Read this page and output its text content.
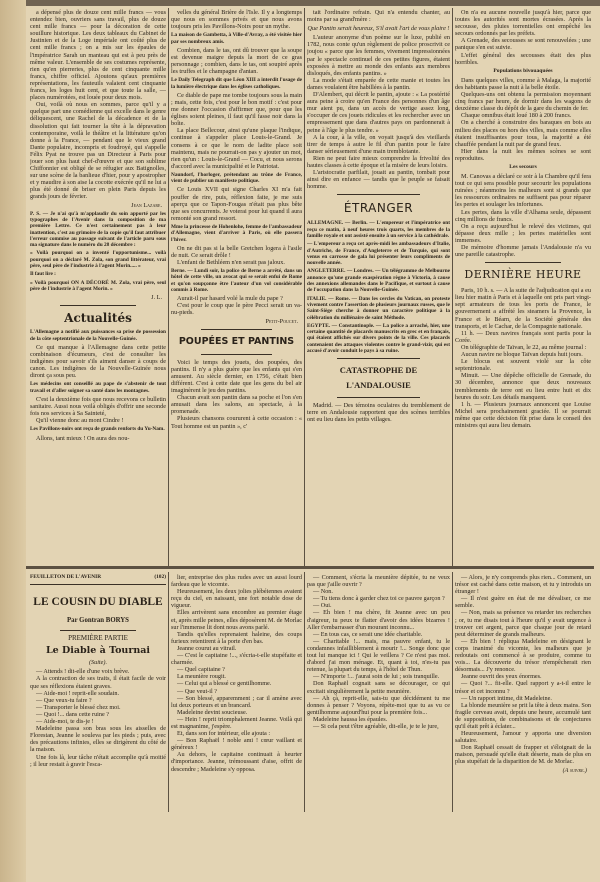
a dépensé plus de douze cent mille francs — vous entendez bien, ouvriers sans travail, plus de douze cent mille francs — pour la décoration de cette souillure historique. Les deux tableaux du Cabinet de Justinien et de la Loge impériale ont coûté plus de cent mille francs ; on a mis sur les épaules de l'impératrice Sarah un manteau qui est à peu près de même valeur. L'ensemble de ses costumes représente, rien qu'en pierreries, plus de cent cinquante mille francs, chiffre officiel. Ajoutons qu'aux premières représentations, les fauteuils valaient cent cinquante francs, les loges huit cent, et que toute la salle, — places numérotées, est louée pour deux mois.

Oui, voilà où nous en sommes, parce qu'il y a quelque part une comédienne qui excelle dans le genre déliquescent, une Rachel de la décadence et de la dissolution qui fait tourner la tête à la dépravation contemporaine, voilà le théâtre et la littérature qu'on donne à la France, — pendant que le vieux grand Dante populaire, incompris et foudroyé, qui s'appelle Félix Pyat ne trouve pas un Directeur à Paris pour jouer son plus haut chef-d'œuvre et que son sublime Chiffonnier est obligé de se réfugier aux Batignolles, sur une scène de la banlieue d'hier, pour y apostropher et y maudire à son aise la cocotte exécrée qu'il ne lui a plus été donné de briser en plein Paris depuis les grands jours de février.

Jean Lazare.
P. S. — Je n'ai qu'à m'applaudir du soin apporté par les typographes de l'Avenir dans la composition de ma première Lettre. Ce n'est certainement pas à leur inattention, c'est au grimoire de la copie qu'il faut attribuer l'erreur commise au passage suivant de l'article paru sous ma signature dans le numéro du 28 décembre :
« Voilà pourquoi on a inventé l'opportunisme... voilà pourquoi on a déclaré M. Zola, son grand littérateur, vrai père, seul père de l'industrie à l'agent Morin..... »
Il faut lire :
« Voilà pourquoi ON A DÉCORÉ M. Zola, vrai père, seul père de l'industrie à l'agent Morin. »
J. L.
Actualités
L'Allemagne a notifié aux puissances sa prise de possession de la côte septentrionale de la Nouvelle-Guinée.

Ce qui manque à l'Allemagne dans cette petite combinaison d'écumeurs, c'est de consulter les indigènes pour savoir s'ils aiment danser à coups de canon. Les indigènes de la Nouvelle-Guinée nous diront ça sous peu.

Les médecins ont conseillé au pape de s'abstenir de tout travail et d'aller soigner sa santé dans les montagnes.

C'est la deuxième fois que nous recevons ce bulletin sanitaire. Aussi nous voilà obligés d'offrir une seconde fois nos services à Sa Sainteté,

Qu'il vienne donc au mont Cindre !

Les Pavillons-noirs ont reçu de grands renforts du Yu-Nam.

Allons, tant mieux ! On aura des nou-

velles du général Brière de l'Isle. Il y a longtemps que nous en sommes privés et que nous avons toujours pris les Pavillons-Noirs pour un mythe.

La maison de Gambetta, à Ville-d'Avray, a été visitée hier par ses nombreux amis.

Combien, dans le tas, ont dû trouver que la soupe est devenue maigre depuis la mort de ce gras personnage ; combien, dans le tas, ont soupiré après les truffes et le champagne d'antan.

Le Daily Telegraph dit que Léon XIII a interdit l'usage de la lumière électrique dans les églises catholiques.

Ce diable de pape me tombe toujours sous la main ; mais, cette fois, c'est pour le bon motif : c'est pour me donner l'occasion d'affirmer que, pour que les églises soient pleines, il faut qu'il fasse noir dans la boîte.

La place Bellecour, ainsi qu'une plaque l'indique, continue à s'appeler place Louis-le-Grand. Je consens à ce que le nom de ladite place soit maintenu, mais ne pourrait-on pas y ajouter un mot, rien qu'un : Louis-le-Grand — Cocu, et nous serons d'accord avec la municipalité et le Patriotat.

Naundorf, l'horloger, prétendant au trône de France, vient de publier un manifeste politique.

Ce Louis XVII qui signe Charles XI m'a fait pouffer de rire, puis, réflexion faite, je me suis aperçu que ce Tapon-Fougas n'était pas plus bête que ses concurrents. Je voterai pour lui quand il aura remonté son grand ressort.

Mme la princesse de Hohenlohe, femme de l'ambassadeur d'Allemagne, vient d'arriver à Paris, où elle passera l'hiver.

On ne dit pas si la belle Gretchen logera à l'asile de nuit. Ce serait drôle !

L'enfant de Bethléem n'en serait pas jaloux.

Berne. — Lundi soir, la police de Berne a arrêté, dans un hôtel de cette ville, un avocat qui se serait enfui de Rome et qu'on soupçonne être l'auteur d'un vol considérable commis à Rome.

Aurait-il par hasard volé la mule du pape ?

C'est pour le coup que le père Pecci serait un va-nu-pieds.

Petit-Poucet.
POUPÉES ET PANTINS

Voici le temps des jouets, des poupées, des pantins. Il n'y a plus guère que les enfants qui s'en amusent. Au siècle dernier, en 1756, c'était bien différent. C'est à cette date que les gens du bel air imaginèrent le jeu des pantins.

Chacun avait son pantin dans sa poche et l'on s'en amusait dans les salons, au spectacle, à la promenade.

Plusieurs chansons coururent à cette occasion : « Tout homme est un pantin », c'

tait l'ordinaire refrain. Qui n'a entendu chanter, au moins par sa grand'mère :

Que Pantin serait heureux, S'il avait l'art de vous plaire !

L'auteur anonyme d'un poème sur le luxe, publié en 1782, nous conte qu'un règlement de police proscrivit ce joujou « parce que les femmes, vivement impressionnées par le spectacle continuel de ces petites figures, étaient exposées à mettre au monde des enfants aux membres disloqués, des enfants pantins. »

La mode s'était emparée de cette manie et toutes les dames voulaient être habillées à la pantin.

D'Alembert, qui décrit le pantin, ajoute : « La postérité aura peine à croire qu'en France des personnes d'un âge mur aient pu, dans un accès de vertige assez long, s'occuper de ces jouets ridicules et les rechercher avec un empressement que dans d'autres pays on pardonnerait à peine à l'âge le plus tendre. »

A la cour, à la ville, on voyait jusqu'à des vieillards tirer de temps à autre le fil d'un pantin pour le faire danser sérieusement d'une main tremblotante.

Rien ne peut faire mieux comprendre la frivolité des hautes classes à cette époque et la misère de leurs loisirs.

L'aristocratie parfilait, jouait au pantin, tombait pour ainsi dire en enfance — tandis que le peuple se faisait homme.

ÉTRANGER
ALLEMAGNE. — Berlin. — L'empereur et l'impératrice ont reçu ce matin, à neuf heures trois quarts, les membres de la famille royale et ont assisté ensuite à un service à la cathédrale.
— L'empereur a reçu cet après-midi les ambassadeurs d'Italie, d'Autriche, de France, d'Angleterre et de Turquie, qui sont venus en carrosse de gala lui présenter leurs compliments de nouvelle année.
ANGLETERRE. — Londres. — Un télégramme de Melbourne annonce qu'une grande exaspération règne à Victoria, à cause des annexions allemandes dans le Pacifique, et surtout à cause de l'occupation dans la Nouvelle-Guinée.
ITALIE. — Rome. — Dans les cercles du Vatican, on proteste vivement contre l'assertion de plusieurs journaux russes, que le Saint-Siège cherche à donner un caractère politique à la célébration du millénaire de saint Méthode.
EGYPTE. — Constantinople. — La police a arraché, hier, une certaine quantité de placards manuscrits en grec et en français, qui étaient affichés sur divers points de la ville. Ces placards contenaient des attaques violentes contre le grand-vizir, qui est accusé d'avoir conduit le pays à sa ruine.
CATASTROPHE DE L'ANDALOUSIE

Madrid. — Des témoins oculaires du tremblement de terre en Andalousie rapportent que des scènes terribles ont eu lieu dans les petits villages.

On n'a eu aucune nouvelle jusqu'à hier, parce que toutes les autorités sont mortes écrasées. Après la secousse, des pluies torrentielles ont empêché les secours ordonnés par les préfets.

A Grenade, des secousses se sont renouvelées ; une panique s'en est suivie.

L'effet général des secousses était des plus horribles.

Populations bivouaquées

Dans quelques villes, comme à Malaga, la majorité des habitants passe la nuit à la belle étoile.

Quelques-uns ont obtenu la permission moyennant cinq francs par heure, de dormir dans les wagons de deuxième classe du dépôt de la gare du chemin de fer.

Chaque omnibus était loué 180 à 200 francs.

On a cherché à construire des baraques en bois au milieu des places ou hors des villes, mais comme elles étaient insuffisantes pour tous, la majorité a été chauffée pendant la nuit par de grand feux.

Hier dans la nuit les mêmes scènes se sont reproduites.

Les secours

M. Canovas a déclaré ce soir à la Chambre qu'il fera tout ce qui sera possible pour secourir les populations ruinées ; néanmoins les malheurs sont si grands que les ressources ordinaires ne suffisent pas pour réparer les pertes et soulager les infortunes.

Les pertes, dans la ville d'Alhama seule, dépassent cinq millions de francs.

On a reçu aujourd'hui le relevé des victimes, qui dépasse deux mille ; les pertes matérielles sont immenses.

De mémoire d'homme jamais l'Andalousie n'a vu une pareille catastrophe.

DERNIÈRE HEURE

Paris, 10 h. s. — A la suite de l'adjudication qui a eu lieu hier matin à Paris et à laquelle ont pris part vingt-sept armateurs de tous les ports de France, le gouvernement a affrété les steamers la Provence, la France et le Béarn, de la Société générale des transports, et le Cachar, de la Compagnie nationale.

11 h. — Deux navires français sont partis pour la Corée.

On télégraphie de Taïvan, le 22, au même journal :

Aucun navire ne bloque Taïvan depuis huit jours.

Le blocus est souvent violé sur la côte septentrionale.

Minuit. — Une dépêche officielle de Grenade, du 30 décembre, annonce que deux nouveaux tremblements de terre ont eu lieu entre huit et dix heures du soir. Les détails manquent.

1 h. — Plusieurs journaux annoncent que Louise Michel sera prochainement graciée. Il se pourrait même que cette décision fût prise dans le conseil des ministres qui aura lieu demain.

FEUILLETON DE L'AVENIR	(102)
LE COUSIN DU DIABLE
Par Gontran BORYS
PREMIÈRE PARTIE
Le Diable à Tournai
(Suite).

— Attends ! dit-elle d'une voix brève.

A la contraction de ses traits, il était facile de voir que ses réflexions étaient graves.

— Aide-moi ! reprit-elle soudain.

— Que veux-tu faire ?

— Transporter le blessé chez moi.

— Quoi !... dans cette ruine ?

— Aide-moi, te dis-je !

Madeleine passa son bras sous les aisselles de Florestan, Jeanne le souleva par les pieds ; puis, avec des précautions infinies, elles se dirigèrent du côté de la maison.

Une fois là, leur tâche n'était accomplie qu'à moitié ; il leur restait à gravir l'esca-

lier, entreprise des plus rudes avec un aussi lourd fardeau que le vicomte.

Heureusement, les deux jolies plébéiennes avaient reçu du ciel, en naissant, une fort notable dose de vigueur.

Elles arrivèrent sans encombre au premier étage et, après mille peines, elles déposèrent M. de Morlac sur l'immense lit dont nous avons parlé.

Tandis qu'elles reprenaient haleine, des coups furieux retentirent à la porte d'en bas.

Jeanne courut au vitrail.

— C'est le capitaine !..., s'écria-t-elle stupéfaite et charmée.

— Quel capitaine ?

La meunière rougit.

— Celui qui a blessé ce gentilhomme.

— Que veut-il ?

— Son blessé, apparemment ; car il amène avec lui deux porteurs et un brancard.

Madeleine devint soucieuse.

— Hein ! reprit triomphalement Jeanne. Voilà qui est magnanime, j'espère.

Et, dans son for intérieur, elle ajouta :

— Bon Raphaël ! noble ami ! cœur vaillant et généreux !

Au dehors, le capitaine continuait à heurter d'importance. Jeanne, trémoussant d'aise, offrit de descendre ; Madeleine s'y opposa.

— Comment, s'écria la meunière dépitée, tu ne veux pas que j'aille ouvrir ?

— Non.

— Tu tiens donc à garder chez toi ce pauvre garçon ?

— Oui.

— Eh bien ! ma chère, fit Jeanne avec un peu d'aigreur, tu peux te flatter d'avoir des idées bizarres ! Aller t'embarrasser d'un mourant inconnu...

— En tous cas, ce serait une idée charitable.

— Charitable !... mais, ma pauvre enfant, tu le condamnes infailliblement à mourir !... Songe donc que tout lui manque ici ! Qui le veillera ? Ce n'est pas moi. d'abord j'ai mon ménage. Et, quant à toi, n'es-tu pas retenue, la plupart du temps, à l'hôtel de Thun.

— N'importe !... j'aurai soin de lui ; sois tranquille.

Don Raphaël cognait sans se décourager, ce qui excitait singulièrement la petite meunière.

— Ah çà, reprit-elle, sais-tu que décidément tu me donnes à penser ? Voyons, répète-moi que tu as vu ce gentilhomme aujourd'hui pour la première fois...

Madeleine haussa les épaules.

— Si cela peut t'être agréable, dit-elle, je te le jure,

— Alors, je n'y comprends plus rien... Comment, un trésor est caché dans cette maison, et tu y introduis un étranger !

— Il n'est guère en état de me dévaliser, ce me semble.

— Non, mais sa présence va retarder tes recherches ; or, tu me disais tout à l'heure qu'il y avait urgence à trouver cet argent, parce que chaque jour de retard peut déterminer de grands malheurs.

— Eh bien ! répliqua Madeleine en désignant le corps inanimé du vicomte, les malheurs que je redoutais ont commencé à se produire, comme tu vois... La découverte du trésor n'empêcherait rien désormais... J'y renonce.

Jeanne ouvrit des yeux énormes.

— Quoi ?... fit-elle. Quel rapport y a-t-il entre le trésor et cet inconnu ?

— Un rapport intime, dit Madeleine.

La blonde meunière se prit la tête à deux mains. Son fragile cerveau avait, depuis une heure, accumulé tant de suppositions, de combinaisons et de conjectures qu'il était prêt à éclater...

Heureusement, l'amour y apporta une diversion salutaire.

Don Raphaël cessait de frapper et s'éloignait de la maison, persuadé qu'elle était déserte, mais de plus en plus stupéfait de la disparition de M. de Morlac.

(A suivre.)
